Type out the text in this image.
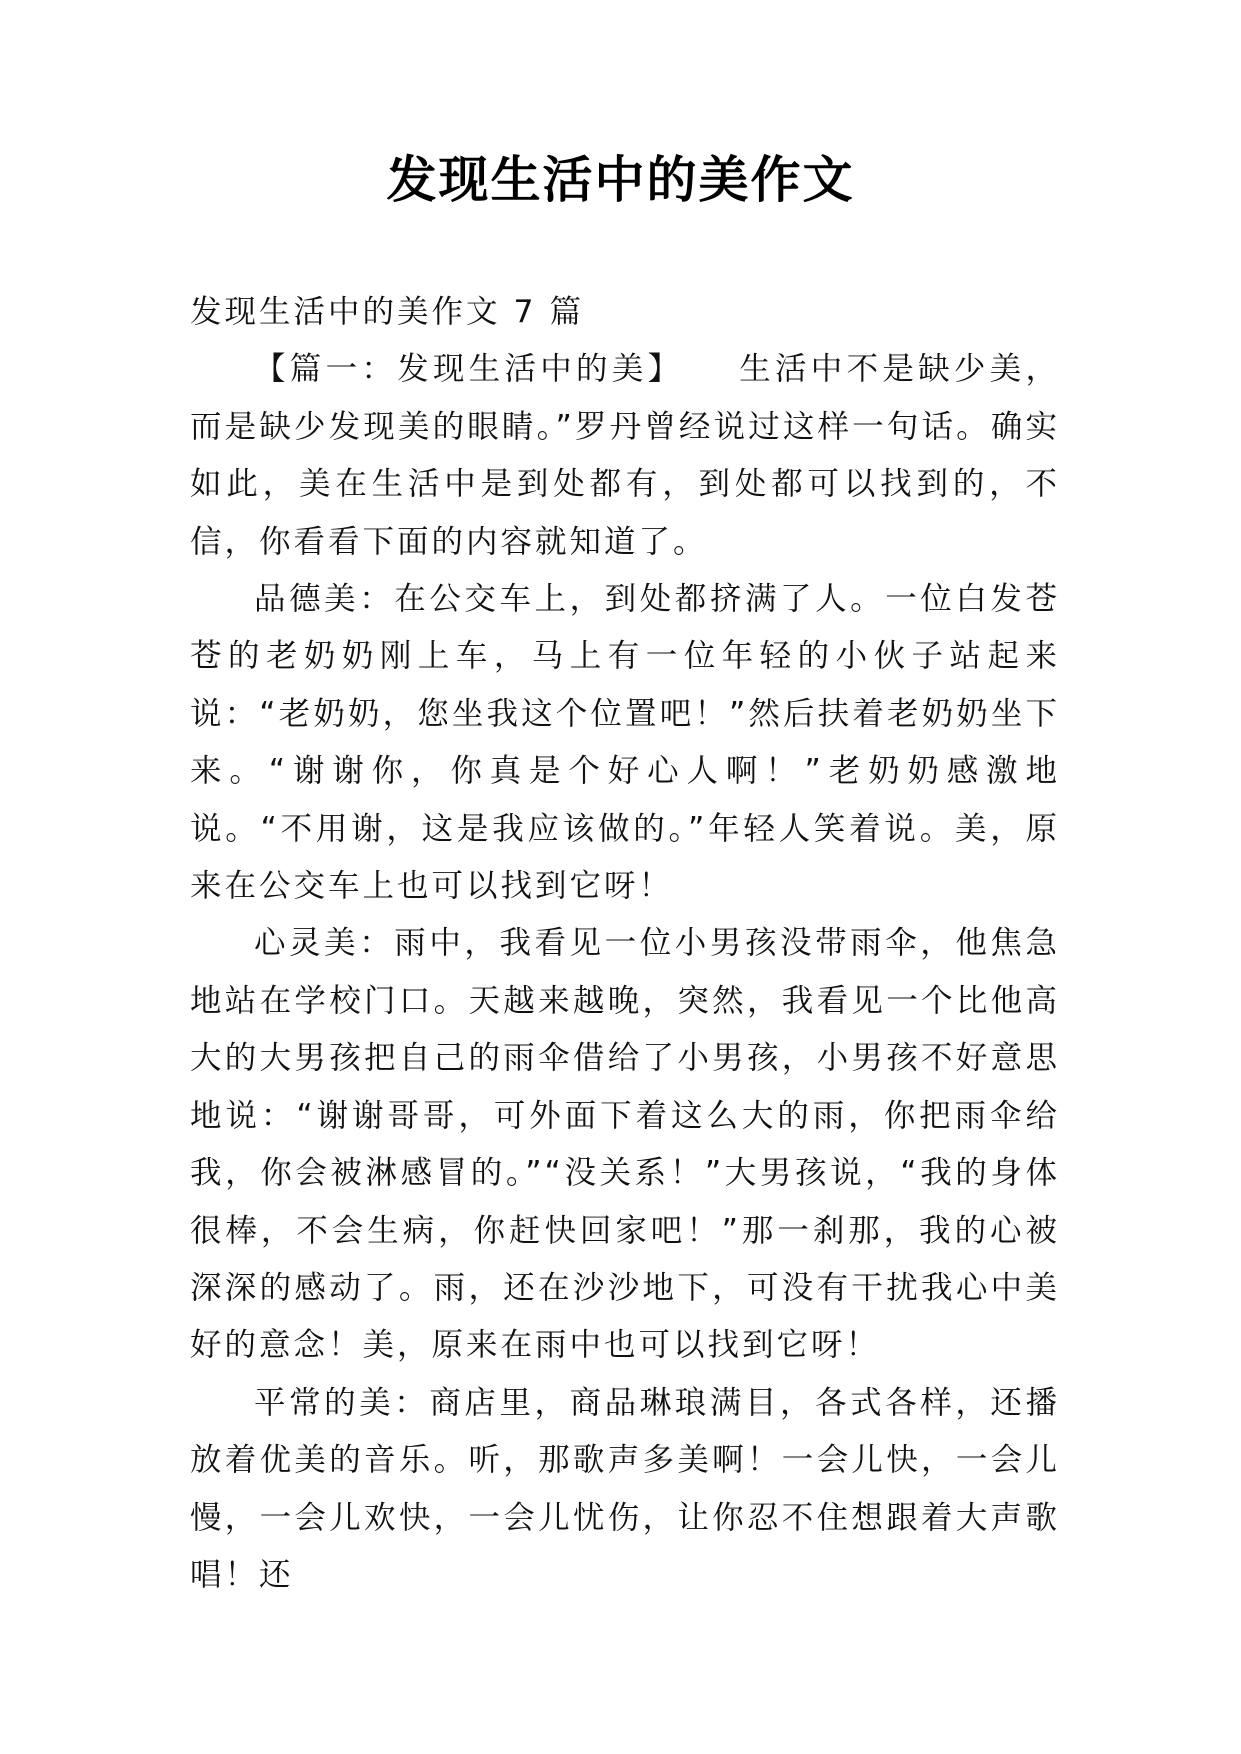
发现生活中的美作文

发现生活中的美作文 7 篇

【篇一：发现生活中的美】　　生活中不是缺少美，而是缺少发现美的眼睛。”罗丹曾经说过这样一句话。确实如此，美在生活中是到处都有，到处都可以找到的，不信，你看看下面的内容就知道了。

品德美：在公交车上，到处都挤满了人。一位白发苍苍的老奶奶刚上车，马上有一位年轻的小伙子站起来说：“老奶奶，您坐我这个位置吧！”然后扶着老奶奶坐下来。“谢谢你，你真是个好心人啊！”老奶奶感激地说。“不用谢，这是我应该做的。”年轻人笑着说。美，原来在公交车上也可以找到它呀！

心灵美：雨中，我看见一位小男孩没带雨伞，他焦急地站在学校门口。天越来越晚，突然，我看见一个比他高大的大男孩把自己的雨伞借给了小男孩，小男孩不好意思地说：“谢谢哥哥，可外面下着这么大的雨，你把雨伞给我，你会被淋感冒的。”“没关系！”大男孩说，“我的身体很棒，不会生病，你赶快回家吧！”那一刹那，我的心被深深的感动了。雨，还在沙沙地下，可没有干扰我心中美好的意念！美，原来在雨中也可以找到它呀！

平常的美：商店里，商品琳琅满目，各式各样，还播放着优美的音乐。听，那歌声多美啊！一会儿快，一会儿慢，一会儿欢快，一会儿忧伤，让你忍不住想跟着大声歌唱！还
